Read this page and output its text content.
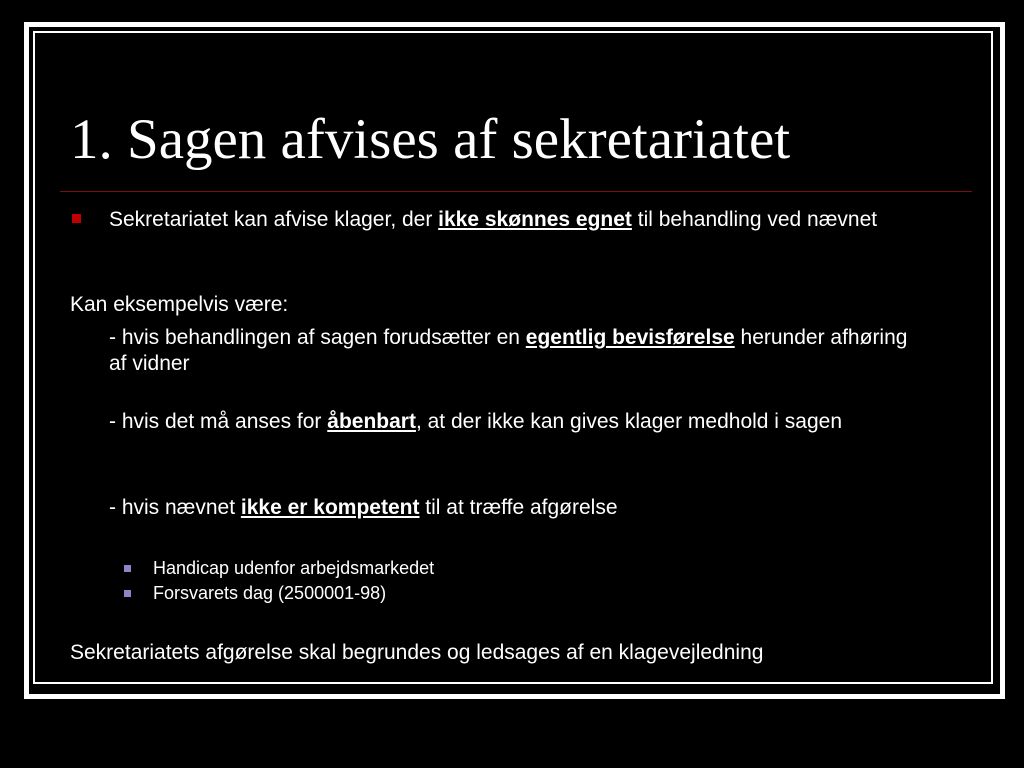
1. Sagen afvises af sekretariatet
Sekretariatet kan afvise klager, der ikke skønnes egnet til behandling ved nævnet
Kan eksempelvis være:
- hvis behandlingen af sagen forudsætter en egentlig bevisførelse herunder afhøring af vidner
- hvis det må anses for åbenbart, at der ikke kan gives klager medhold i sagen
- hvis nævnet ikke er kompetent til at træffe afgørelse
Handicap udenfor arbejdsmarkedet
Forsvarets dag (2500001-98)
Sekretariatets afgørelse skal begrundes og ledsages af en klagevejledning
